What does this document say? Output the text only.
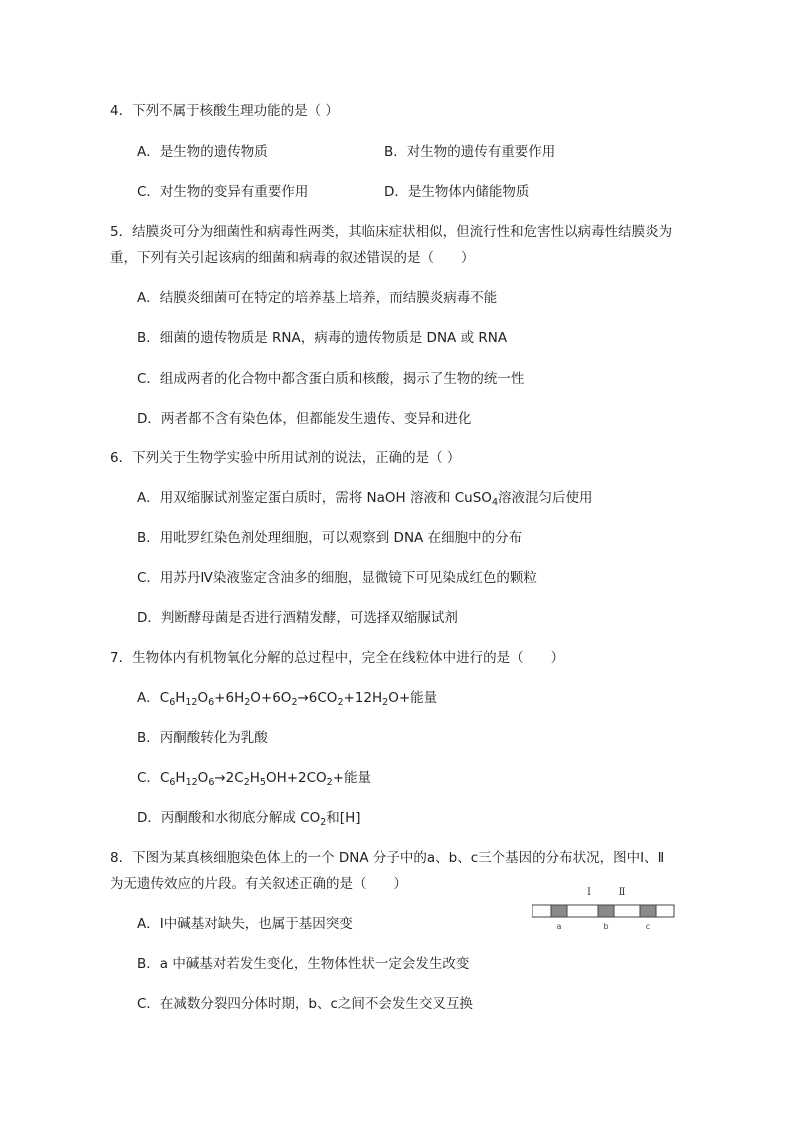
4．下列不属于核酸生理功能的是（ ）
A．是生物的遗传物质	B．对生物的遗传有重要作用
C．对生物的变异有重要作用	D．是生物体内储能物质
5．结膜炎可分为细菌性和病毒性两类，其临床症状相似，但流行性和危害性以病毒性结膜炎为
重，下列有关引起该病的细菌和病毒的叙述错误的是（　　）
A．结膜炎细菌可在特定的培养基上培养，而结膜炎病毒不能
B．细菌的遗传物质是 RNA，病毒的遗传物质是 DNA 或 RNA
C．组成两者的化合物中都含蛋白质和核酸，揭示了生物的统一性
D．两者都不含有染色体，但都能发生遗传、变异和进化
6．下列关于生物学实验中所用试剂的说法，正确的是（ ）
A．用双缩脲试剂鉴定蛋白质时，需将 NaOH 溶液和 CuSO$_4$溶液混匀后使用
B．用吡罗红染色剂处理细胞，可以观察到 DNA 在细胞中的分布
C．用苏丹Ⅳ染液鉴定含油多的细胞，显微镜下可见染成红色的颗粒
D．判断酵母菌是否进行酒精发酵，可选择双缩脲试剂
7．生物体内有机物氧化分解的总过程中，完全在线粒体中进行的是（　　）
A．$C_6H_{12}O_6+6H_2O+6O_2\to 6CO_2+12H_2O+$能量
B．丙酮酸转化为乳酸
C．$C_6H_{12}O_6\to 2C_2H_5OH+2CO_2+$能量
D．丙酮酸和水彻底分解成 $CO_2$和[H]
8．下图为某真核细胞染色体上的一个 DNA 分子中的a、b、c三个基因的分布状况，图中Ⅰ、Ⅱ
为无遗传效应的片段。有关叙述正确的是（　　）
A．Ⅰ中碱基对缺失，也属于基因突变
B．a 中碱基对若发生变化，生物体性状一定会发生改变
C．在减数分裂四分体时期，b、c之间不会发生交叉互换
Ⅰ	Ⅱ
a	b	c
